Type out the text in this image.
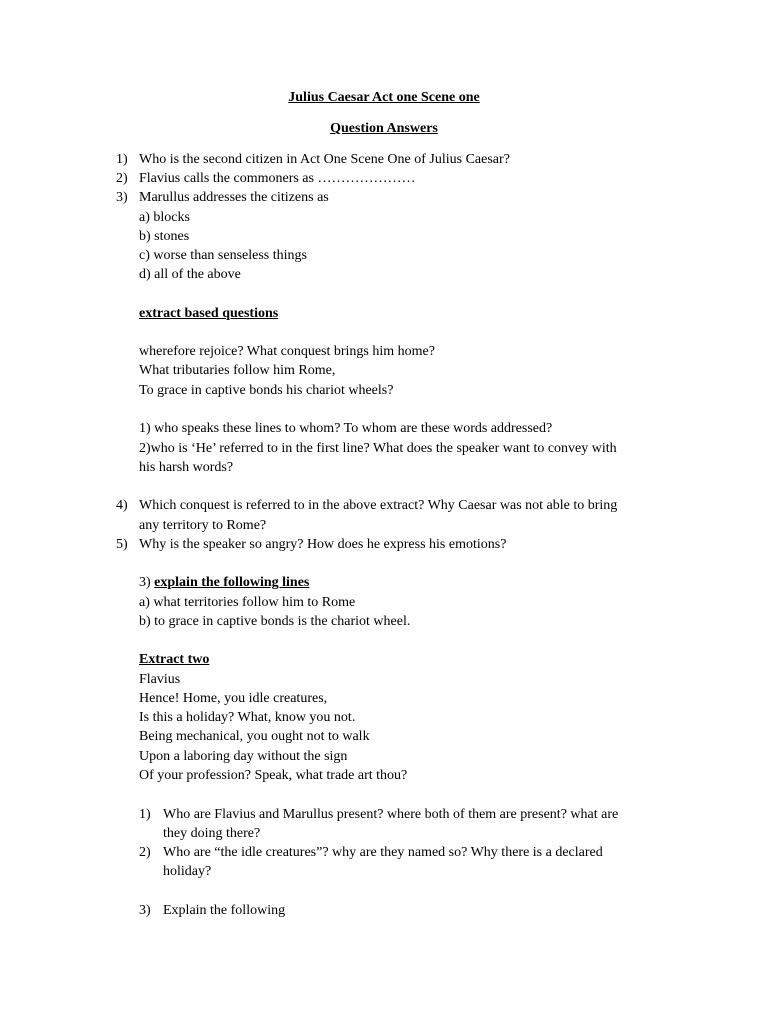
Julius Caesar Act one Scene one
Question Answers
1) Who is the second citizen in Act One Scene One of Julius Caesar?
2) Flavius calls the commoners as …………………
3) Marullus addresses the citizens as
a) blocks
b) stones
c) worse than senseless things
d) all of the above
extract based questions
wherefore rejoice? What conquest brings him home?
What tributaries follow him Rome,
To grace in captive bonds his chariot wheels?
1) who speaks these lines to whom? To whom are these words addressed?
2)who is ‘He’ referred to in the first line? What does the speaker want to convey with
his harsh words?
4) Which conquest is referred to in the above extract? Why Caesar was not able to bring
any territory to Rome?
5) Why is the speaker so angry? How does he express his emotions?
3) explain the following lines
a) what territories follow him to Rome
b) to grace in captive bonds is the chariot wheel.
Extract two
Flavius
Hence! Home, you idle creatures,
Is this a holiday? What, know you not.
Being mechanical, you ought not to walk
Upon a laboring day without the sign
Of your profession? Speak, what trade art thou?
1) Who are Flavius and Marullus present? where both of them are present? what are
they doing there?
2) Who are “the idle creatures”? why are they named so? Why there is a declared
holiday?
3) Explain the following
